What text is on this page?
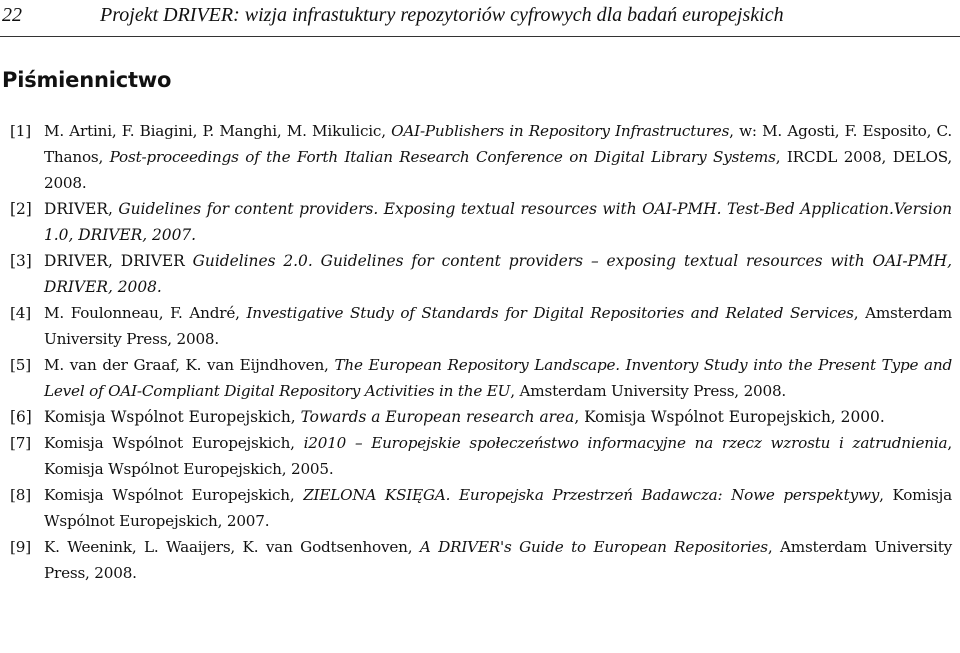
22	Projekt DRIVER: wizja infrastuktury repozytoriów cyfrowych dla badań europejskich
Piśmiennictwo
[1] M. Artini, F. Biagini, P. Manghi, M. Mikulicic, OAI-Publishers in Repository Infrastructures, w: M. Agosti, F. Esposito, C. Thanos, Post-proceedings of the Forth Italian Research Conference on Digital Library Systems, IRCDL 2008, DELOS, 2008.
[2] DRIVER, Guidelines for content providers. Exposing textual resources with OAI-PMH. Test-Bed Application.Version 1.0, DRIVER, 2007.
[3] DRIVER, DRIVER Guidelines 2.0. Guidelines for content providers – exposing textual resources with OAI-PMH, DRIVER, 2008.
[4] M. Foulonneau, F. André, Investigative Study of Standards for Digital Repositories and Related Services, Amsterdam University Press, 2008.
[5] M. van der Graaf, K. van Eijndhoven, The European Repository Landscape. Inventory Study into the Present Type and Level of OAI-Compliant Digital Repository Activities in the EU, Amsterdam University Press, 2008.
[6] Komisja Wspólnot Europejskich, Towards a European research area, Komisja Wspólnot Europejskich, 2000.
[7] Komisja Wspólnot Europejskich, i2010 – Europejskie społeczeństwo informacyjne na rzecz wzrostu i zatrudnienia, Komisja Wspólnot Europejskich, 2005.
[8] Komisja Wspólnot Europejskich, ZIELONA KSIĘGA. Europejska Przestrzeń Badawcza: Nowe perspektywy, Komisja Wspólnot Europejskich, 2007.
[9] K. Weenink, L. Waaijers, K. van Godtsenhoven, A DRIVER's Guide to European Repositories, Amsterdam University Press, 2008.
